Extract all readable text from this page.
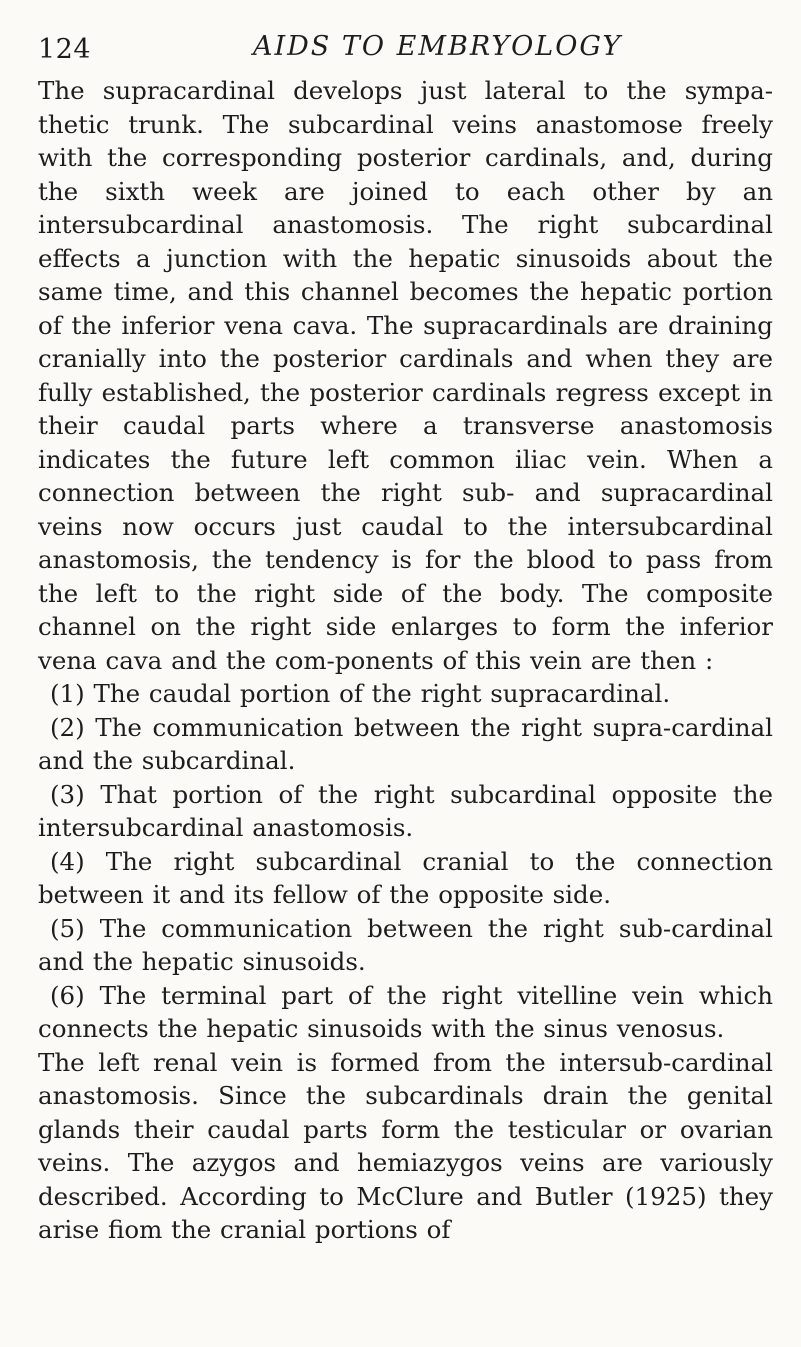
124	AIDS TO EMBRYOLOGY

The supracardinal develops just lateral to the sympa-thetic trunk. The subcardinal veins anastomose freely with the corresponding posterior cardinals, and, during the sixth week are joined to each other by an intersubcardinal anastomosis. The right subcardinal effects a junction with the hepatic sinusoids about the same time, and this channel becomes the hepatic portion of the inferior vena cava. The supracardinals are draining cranially into the posterior cardinals and when they are fully established, the posterior cardinals regress except in their caudal parts where a transverse anastomosis indicates the future left common iliac vein. When a connection between the right sub- and supracardinal veins now occurs just caudal to the intersubcardinal anastomosis, the tendency is for the blood to pass from the left to the right side of the body. The composite channel on the right side enlarges to form the inferior vena cava and the com-ponents of this vein are then :

(1) The caudal portion of the right supracardinal.

(2) The communication between the right supra-cardinal and the subcardinal.

(3) That portion of the right subcardinal opposite the intersubcardinal anastomosis.

(4) The right subcardinal cranial to the connection between it and its fellow of the opposite side.

(5) The communication between the right sub-cardinal and the hepatic sinusoids.

(6) The terminal part of the right vitelline vein which connects the hepatic sinusoids with the sinus venosus.

The left renal vein is formed from the intersub-cardinal anastomosis. Since the subcardinals drain the genital glands their caudal parts form the testicular or ovarian veins. The azygos and hemiazygos veins are variously described. According to McClure and Butler (1925) they arise fiom the cranial portions of
